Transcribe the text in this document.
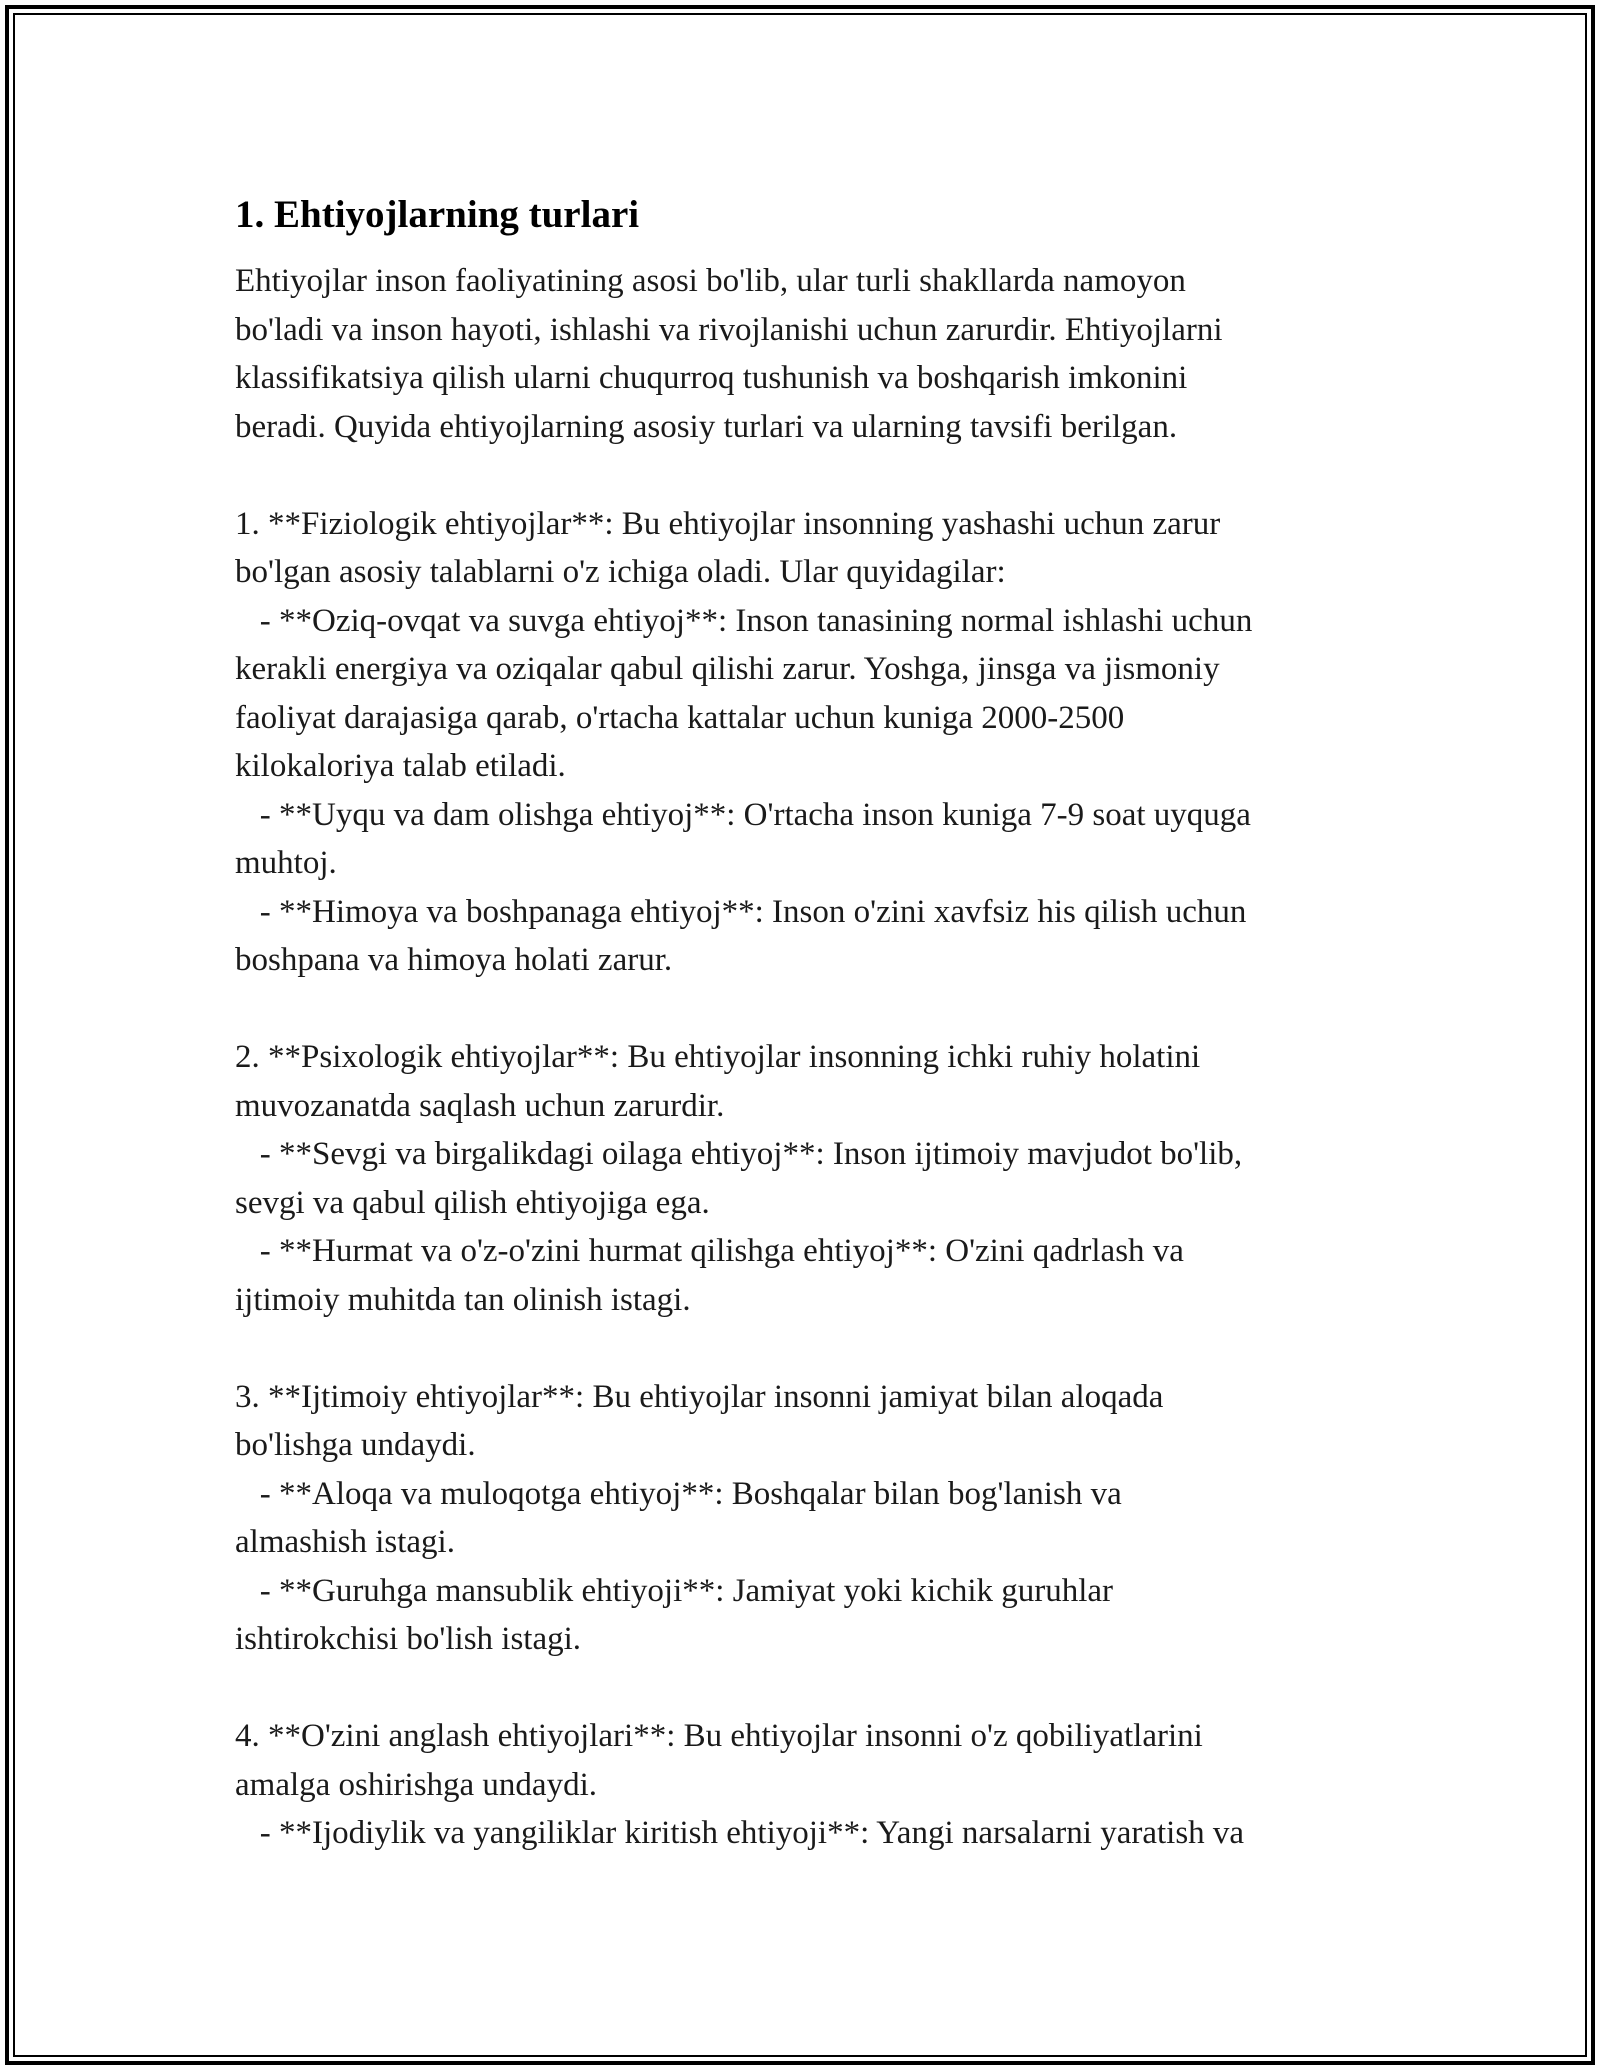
1. Ehtiyojlarning turlari

Ehtiyojlar inson faoliyatining asosi bo'lib, ular turli shakllarda namoyon
bo'ladi va inson hayoti, ishlashi va rivojlanishi uchun zarurdir. Ehtiyojlarni
klassifikatsiya qilish ularni chuqurroq tushunish va boshqarish imkonini
beradi. Quyida ehtiyojlarning asosiy turlari va ularning tavsifi berilgan.

1. **Fiziologik ehtiyojlar**: Bu ehtiyojlar insonning yashashi uchun zarur
bo'lgan asosiy talablarni o'z ichiga oladi. Ular quyidagilar:
- **Oziq-ovqat va suvga ehtiyoj**: Inson tanasining normal ishlashi uchun
kerakli energiya va oziqalar qabul qilishi zarur. Yoshga, jinsga va jismoniy
faoliyat darajasiga qarab, o'rtacha kattalar uchun kuniga 2000-2500
kilokaloriya talab etiladi.
- **Uyqu va dam olishga ehtiyoj**: O'rtacha inson kuniga 7-9 soat uyquga
muhtoj.
- **Himoya va boshpanaga ehtiyoj**: Inson o'zini xavfsiz his qilish uchun
boshpana va himoya holati zarur.

2. **Psixologik ehtiyojlar**: Bu ehtiyojlar insonning ichki ruhiy holatini
muvozanatda saqlash uchun zarurdir.
- **Sevgi va birgalikdagi oilaga ehtiyoj**: Inson ijtimoiy mavjudot bo'lib,
sevgi va qabul qilish ehtiyojiga ega.
- **Hurmat va o'z-o'zini hurmat qilishga ehtiyoj**: O'zini qadrlash va
ijtimoiy muhitda tan olinish istagi.

3. **Ijtimoiy ehtiyojlar**: Bu ehtiyojlar insonni jamiyat bilan aloqada
bo'lishga undaydi.
- **Aloqa va muloqotga ehtiyoj**: Boshqalar bilan bog'lanish va
almashish istagi.
- **Guruhga mansublik ehtiyoji**: Jamiyat yoki kichik guruhlar
ishtirokchisi bo'lish istagi.

4. **O'zini anglash ehtiyojlari**: Bu ehtiyojlar insonni o'z qobiliyatlarini
amalga oshirishga undaydi.
- **Ijodiylik va yangiliklar kiritish ehtiyoji**: Yangi narsalarni yaratish va
